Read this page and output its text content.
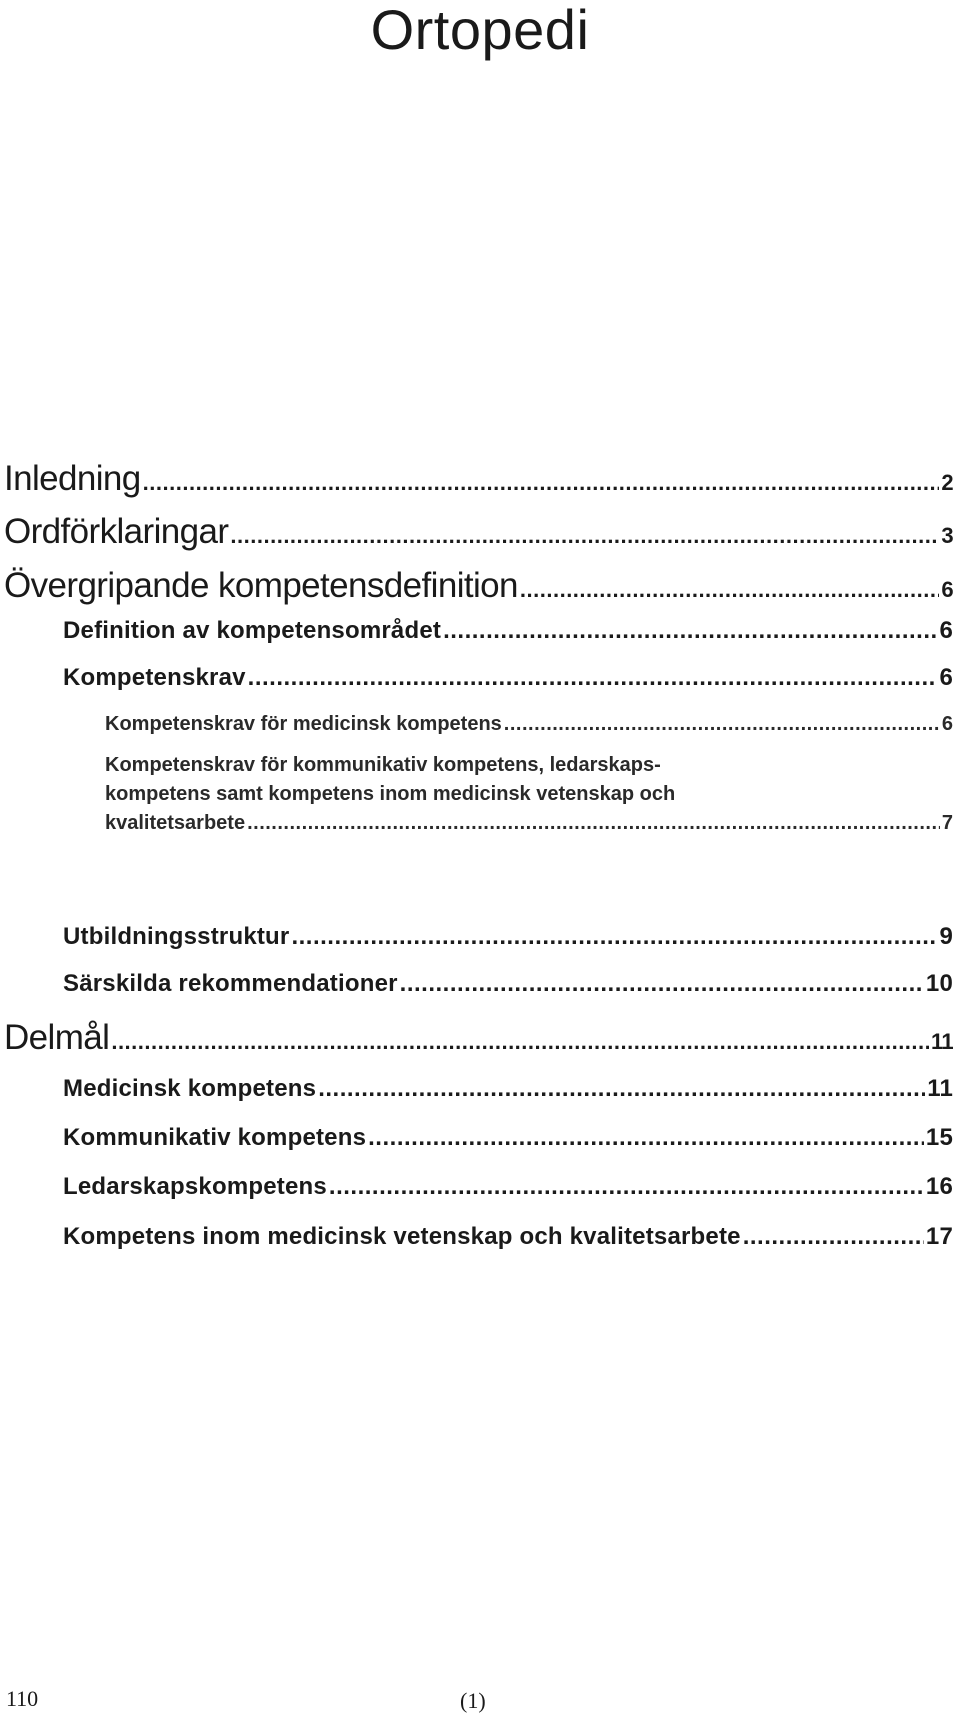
Ortopedi
Inledning .....	2
Ordförklaringar .....	3
Övergripande kompetensdefinition .....	6
Definition av kompetensområdet .....	6
Kompetenskrav .....	6
Kompetenskrav för medicinsk kompetens .....	6
Kompetenskrav för kommunikativ kompetens, ledarskaps-
kompetens samt kompetens inom medicinsk vetenskap och
kvalitetsarbete .....	7
Utbildningsstruktur .....	9
Särskilda rekommendationer .....	10
Delmål .....	11
Medicinsk kompetens .....	11
Kommunikativ kompetens .....	15
Ledarskapskompetens .....	16
Kompetens inom medicinsk vetenskap och kvalitetsarbete .....	17
110	(1)
